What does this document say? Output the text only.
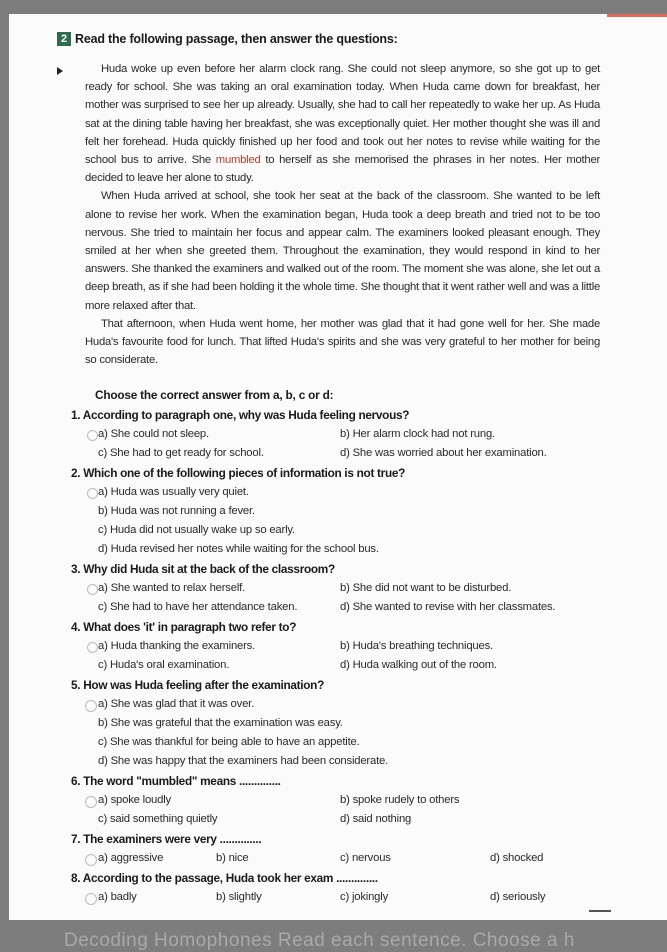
2 Read the following passage, then answer the questions:

Huda woke up even before her alarm clock rang. She could not sleep anymore, so she got up to get ready for school. She was taking an oral examination today. When Huda came down for breakfast, her mother was surprised to see her up already. Usually, she had to call her repeatedly to wake her up. As Huda sat at the dining table having her breakfast, she was exceptionally quiet. Her mother thought she was ill and felt her forehead. Huda quickly finished up her food and took out her notes to revise while waiting for the school bus to arrive. She mumbled to herself as she memorised the phrases in her notes. Her mother decided to leave her alone to study.

When Huda arrived at school, she took her seat at the back of the classroom. She wanted to be left alone to revise her work. When the examination began, Huda took a deep breath and tried not to be too nervous. She tried to maintain her focus and appear calm. The examiners looked pleasant enough. They smiled at her when she greeted them. Throughout the examination, they would respond in kind to her answers. She thanked the examiners and walked out of the room. The moment she was alone, she let out a deep breath, as if she had been holding it the whole time. She thought that it went rather well and was a little more relaxed after that.

That afternoon, when Huda went home, her mother was glad that it had gone well for her. She made Huda's favourite food for lunch. That lifted Huda's spirits and she was very grateful to her mother for being so considerate.

Choose the correct answer from a, b, c or d:
1. According to paragraph one, why was Huda feeling nervous?
a) She could not sleep.	b) Her alarm clock had not rung.
c) She had to get ready for school.	d) She was worried about her examination.
2. Which one of the following pieces of information is not true?
a) Huda was usually very quiet.
b) Huda was not running a fever.
c) Huda did not usually wake up so early.
d) Huda revised her notes while waiting for the school bus.
3. Why did Huda sit at the back of the classroom?
a) She wanted to relax herself.	b) She did not want to be disturbed.
c) She had to have her attendance taken.	d) She wanted to revise with her classmates.
4. What does 'it' in paragraph two refer to?
a) Huda thanking the examiners.	b) Huda's breathing techniques.
c) Huda's oral examination.	d) Huda walking out of the room.
5. How was Huda feeling after the examination?
a) She was glad that it was over.
b) She was grateful that the examination was easy.
c) She was thankful for being able to have an appetite.
d) She was happy that the examiners had been considerate.
6. The word "mumbled" means ..............
a) spoke loudly	b) spoke rudely to others
c) said something quietly	d) said nothing
7. The examiners were very ..............
a) aggressive	b) nice	c) nervous	d) shocked
8. According to the passage, Huda took her exam ..............
a) badly	b) slightly	c) jokingly	d) seriously
Decoding Homophones Read each sentence. Choose a h
